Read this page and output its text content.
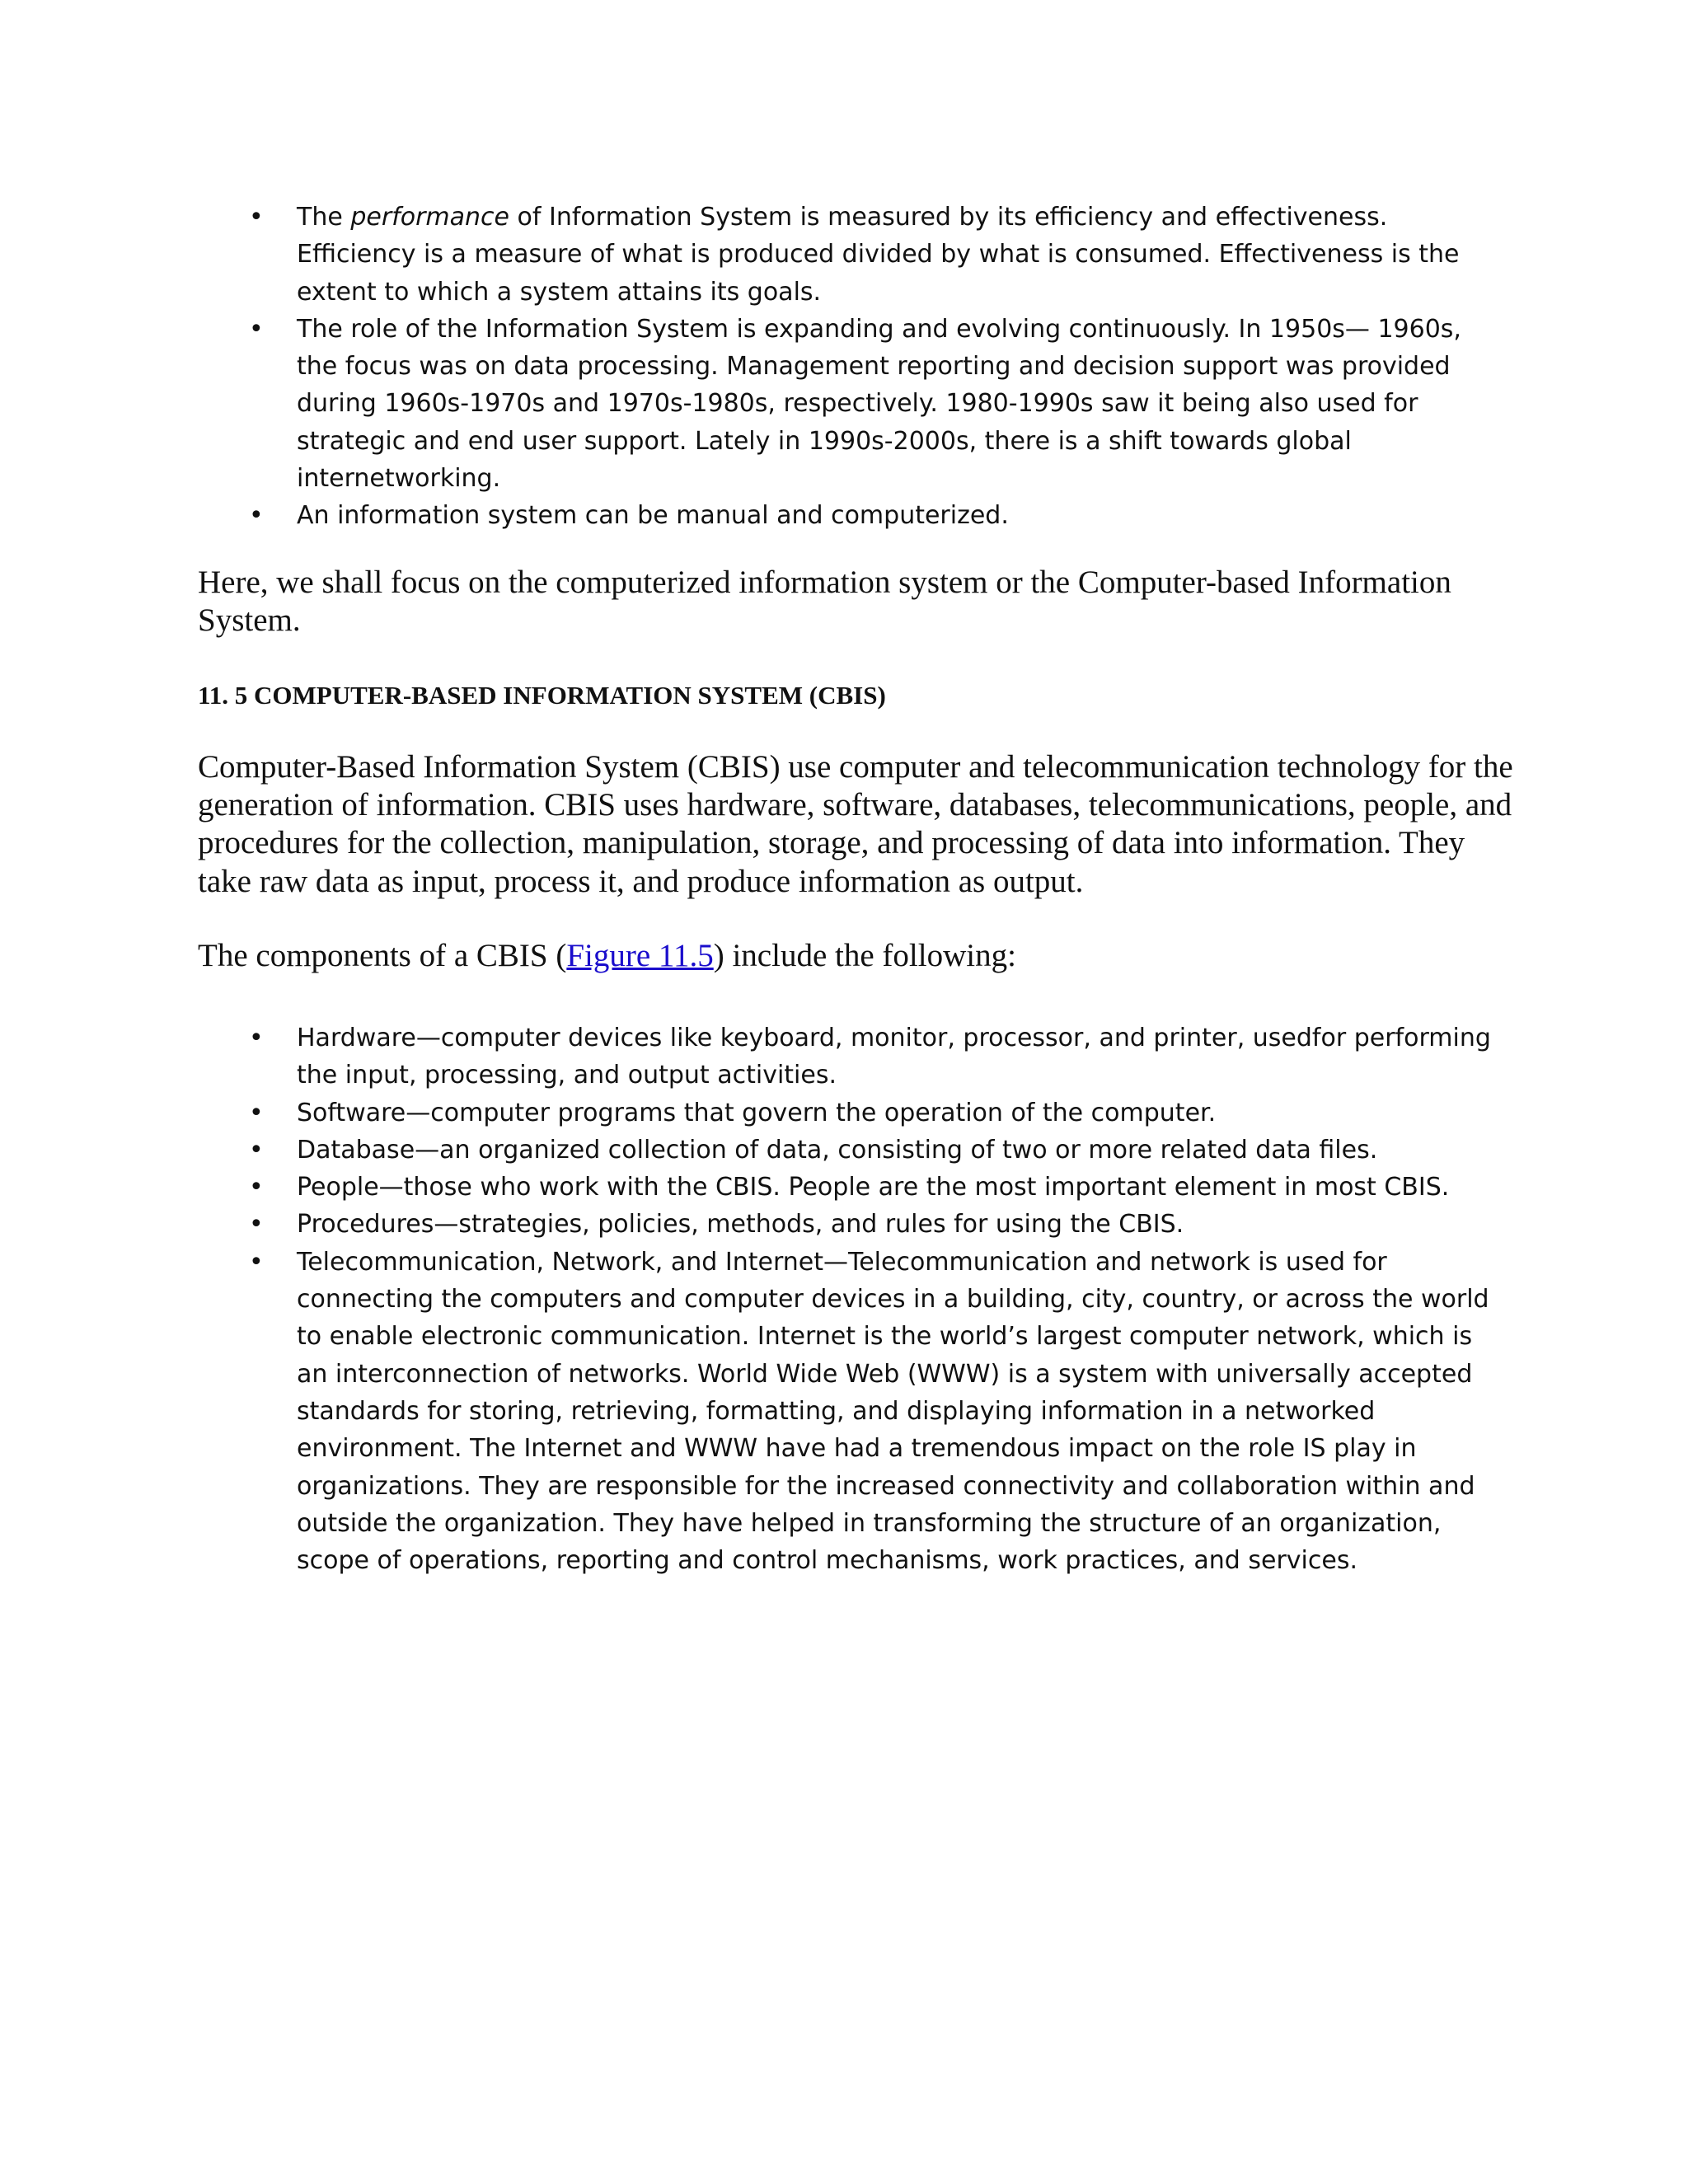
• The performance of Information System is measured by its efficiency and effectiveness. Efficiency is a measure of what is produced divided by what is consumed. Effectiveness is the extent to which a system attains its goals.
• The role of the Information System is expanding and evolving continuously. In 1950s— 1960s, the focus was on data processing. Management reporting and decision support was provided during 1960s-1970s and 1970s-1980s, respectively. 1980-1990s saw it being also used for strategic and end user support. Lately in 1990s-2000s, there is a shift towards global internetworking.
• An information system can be manual and computerized.

Here, we shall focus on the computerized information system or the Computer-based Information System.

11. 5 COMPUTER-BASED INFORMATION SYSTEM (CBIS)

Computer-Based Information System (CBIS) use computer and telecommunication technology for the generation of information. CBIS uses hardware, software, databases, telecommunications, people, and procedures for the collection, manipulation, storage, and processing of data into information. They take raw data as input, process it, and produce information as output.

The components of a CBIS (Figure 11.5) include the following:

• Hardware—computer devices like keyboard, monitor, processor, and printer, usedfor performing the input, processing, and output activities.
• Software—computer programs that govern the operation of the computer.
• Database—an organized collection of data, consisting of two or more related data files.
• People—those who work with the CBIS. People are the most important element in most CBIS.
• Procedures—strategies, policies, methods, and rules for using the CBIS.
• Telecommunication, Network, and Internet—Telecommunication and network is used for connecting the computers and computer devices in a building, city, country, or across the world to enable electronic communication. Internet is the world’s largest computer network, which is an interconnection of networks. World Wide Web (WWW) is a system with universally accepted standards for storing, retrieving, formatting, and displaying information in a networked environment. The Internet and WWW have had a tremendous impact on the role IS play in organizations. They are responsible for the increased connectivity and collaboration within and outside the organization. They have helped in transforming the structure of an organization, scope of operations, reporting and control mechanisms, work practices, and services.
